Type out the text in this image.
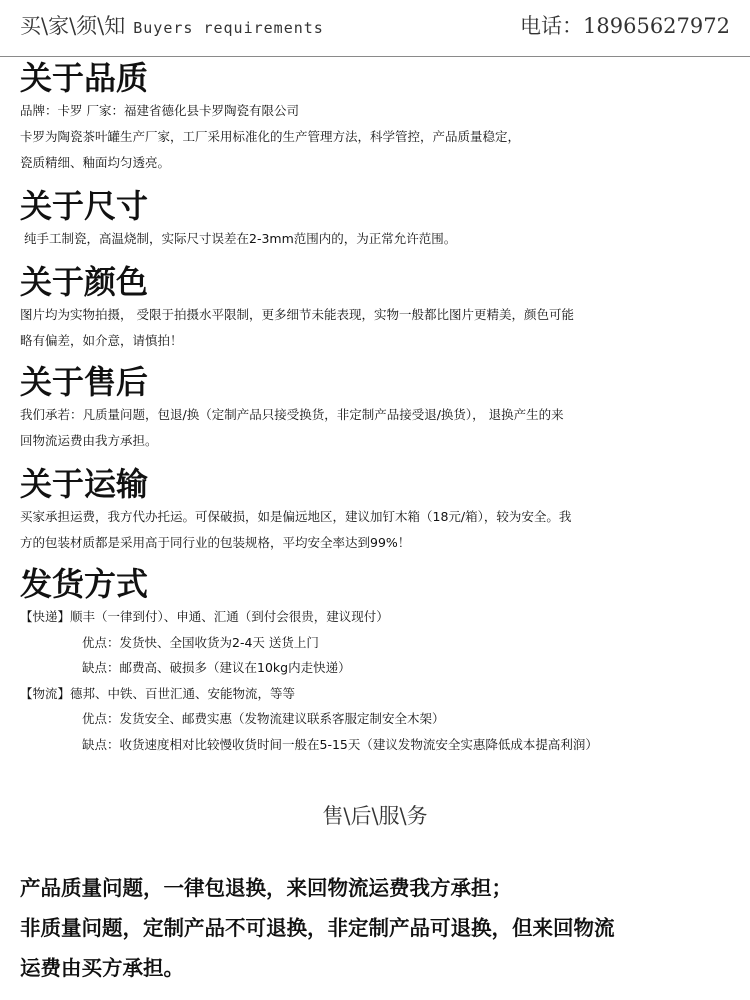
买\家\须\知 Buyers requirements	电话：18965627972
关于品质
品牌：卡罗 厂家：福建省德化县卡罗陶瓷有限公司
卡罗为陶瓷茶叶罐生产厂家，工厂采用标准化的生产管理方法，科学管控，产品质量稳定，
瓷质精细、釉面均匀透亮。
关于尺寸
纯手工制瓷，高温烧制，实际尺寸误差在2-3mm范围内的，为正常允许范围。
关于颜色
图片均为实物拍摄， 受限于拍摄水平限制，更多细节未能表现，实物一般都比图片更精美，颜色可能
略有偏差，如介意，请慎拍！
关于售后
我们承若：凡质量问题，包退/换（定制产品只接受换货，非定制产品接受退/换货）， 退换产生的来
回物流运费由我方承担。
关于运输
买家承担运费，我方代办托运。可保破损，如是偏远地区，建议加钉木箱（18元/箱），较为安全。我
方的包装材质都是采用高于同行业的包装规格，平均安全率达到99%！
发货方式
【快递】顺丰（一律到付）、申通、汇通（到付会很贵，建议现付）
优点：发货快、全国收货为2-4天 送货上门
缺点：邮费高、破损多（建议在10kg内走快递）
【物流】德邦、中铁、百世汇通、安能物流，等等
优点：发货安全、邮费实惠（发物流建议联系客服定制安全木架）
缺点：收货速度相对比较慢收货时间一般在5-15天（建议发物流安全实惠降低成本提高利润）
售\后\服\务
产品质量问题，一律包退换，来回物流运费我方承担；
非质量问题，定制产品不可退换，非定制产品可退换，但来回物流
运费由买方承担。
